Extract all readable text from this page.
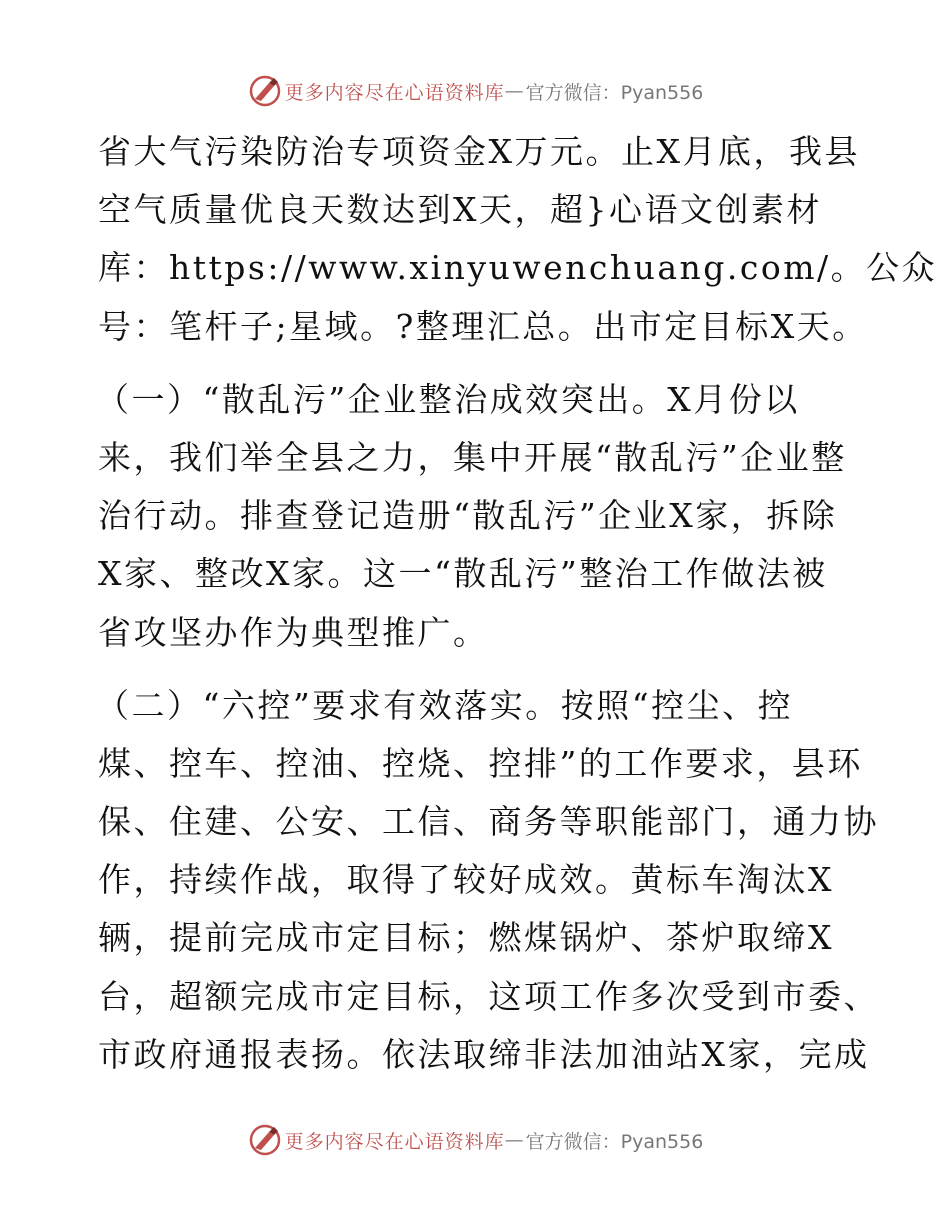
更多内容尽在心语资料库 — 官方微信：Pyan556
省大气污染防治专项资金X万元。止X月底，我县
空气质量优良天数达到X天，超}心语文创素材
库：https://www.xinyuwenchuang.com/。公众
号：笔杆子;星域。?整理汇总。出市定目标X天。
（一）“散乱污”企业整治成效突出。X月份以
来，我们举全县之力，集中开展“散乱污”企业整
治行动。排查登记造册“散乱污”企业X家，拆除
X家、整改X家。这一“散乱污”整治工作做法被
省攻坚办作为典型推广。
（二）“六控”要求有效落实。按照“控尘、控
煤、控车、控油、控烧、控排”的工作要求，县环
保、住建、公安、工信、商务等职能部门，通力协
作，持续作战，取得了较好成效。黄标车淘汰X
辆，提前完成市定目标；燃煤锅炉、茶炉取缔X
台，超额完成市定目标，这项工作多次受到市委、
市政府通报表扬。依法取缔非法加油站X家，完成
更多内容尽在心语资料库 — 官方微信：Pyan556
